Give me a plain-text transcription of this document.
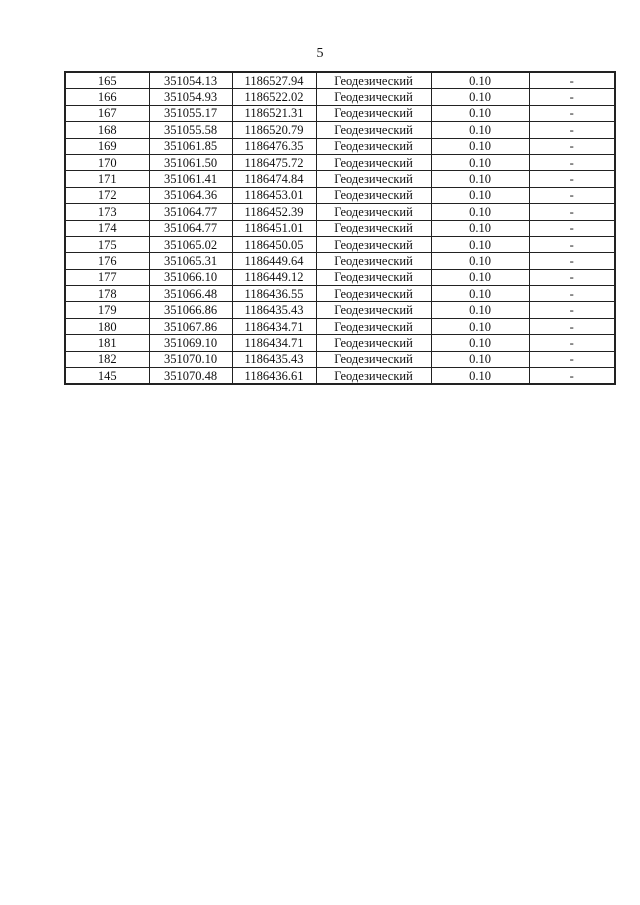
5
165	351054.13	1186527.94	Геодезический	0.10	-
166	351054.93	1186522.02	Геодезический	0.10	-
167	351055.17	1186521.31	Геодезический	0.10	-
168	351055.58	1186520.79	Геодезический	0.10	-
169	351061.85	1186476.35	Геодезический	0.10	-
170	351061.50	1186475.72	Геодезический	0.10	-
171	351061.41	1186474.84	Геодезический	0.10	-
172	351064.36	1186453.01	Геодезический	0.10	-
173	351064.77	1186452.39	Геодезический	0.10	-
174	351064.77	1186451.01	Геодезический	0.10	-
175	351065.02	1186450.05	Геодезический	0.10	-
176	351065.31	1186449.64	Геодезический	0.10	-
177	351066.10	1186449.12	Геодезический	0.10	-
178	351066.48	1186436.55	Геодезический	0.10	-
179	351066.86	1186435.43	Геодезический	0.10	-
180	351067.86	1186434.71	Геодезический	0.10	-
181	351069.10	1186434.71	Геодезический	0.10	-
182	351070.10	1186435.43	Геодезический	0.10	-
145	351070.48	1186436.61	Геодезический	0.10	-
